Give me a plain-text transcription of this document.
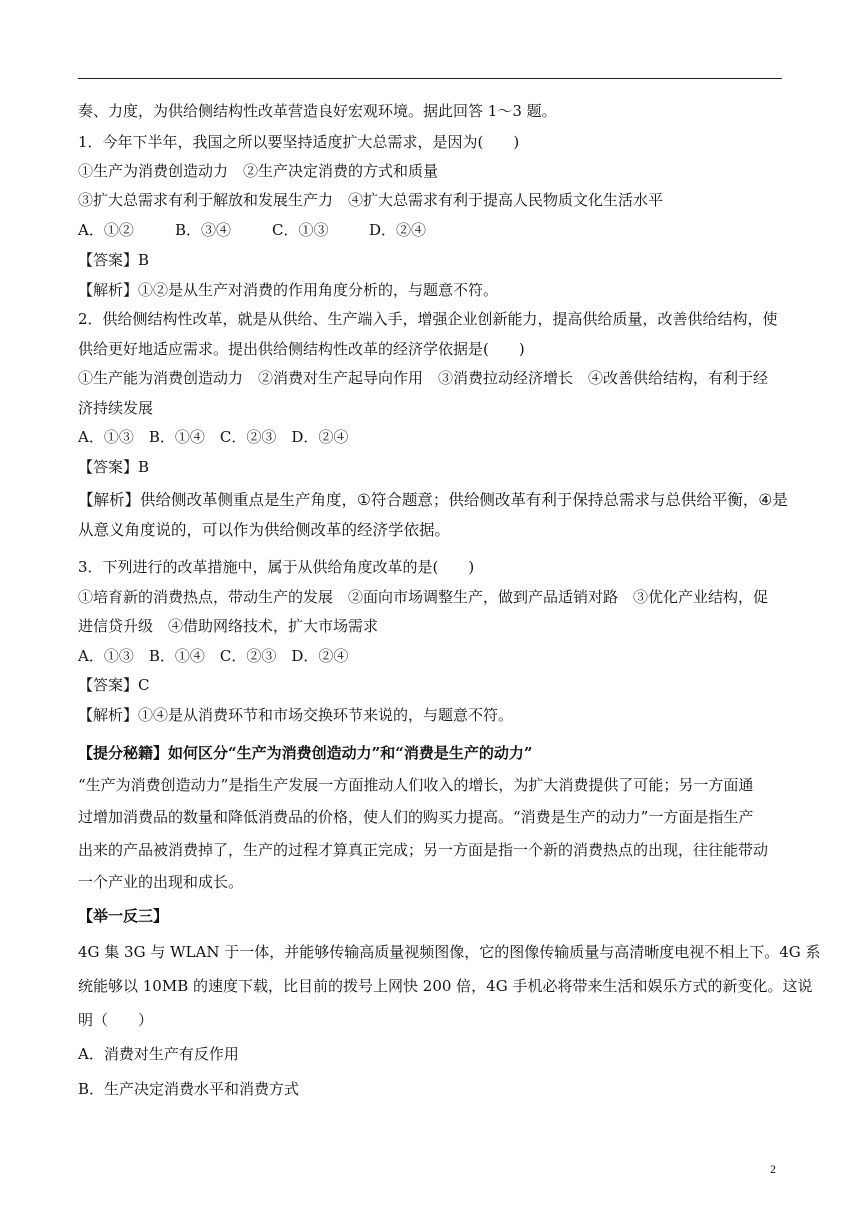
奏、力度，为供给侧结构性改革营造良好宏观环境。据此回答 1～3 题。
1．今年下半年，我国之所以要坚持适度扩大总需求，是因为(　　)
①生产为消费创造动力　②生产决定消费的方式和质量
③扩大总需求有利于解放和发展生产力　④扩大总需求有利于提高人民物质文化生活水平
A．①②	B．③④	C．①③	D．②④
【答案】B
【解析】①②是从生产对消费的作用角度分析的，与题意不符。
2．供给侧结构性改革，就是从供给、生产端入手，增强企业创新能力，提高供给质量，改善供给结构，使
供给更好地适应需求。提出供给侧结构性改革的经济学依据是(　　)
①生产能为消费创造动力　②消费对生产起导向作用　③消费拉动经济增长　④改善供给结构，有利于经
济持续发展
A．①③　B．①④　C．②③　D．②④
【答案】B
【解析】供给侧改革侧重点是生产角度，①符合题意；供给侧改革有利于保持总需求与总供给平衡，④是
从意义角度说的，可以作为供给侧改革的经济学依据。
3．下列进行的改革措施中，属于从供给角度改革的是(　　)
①培育新的消费热点，带动生产的发展　②面向市场调整生产，做到产品适销对路　③优化产业结构，促
进信贷升级　④借助网络技术，扩大市场需求
A．①③　B．①④　C．②③　D．②④
【答案】C
【解析】①④是从消费环节和市场交换环节来说的，与题意不符。
【提分秘籍】如何区分“生产为消费创造动力”和“消费是生产的动力”
“生产为消费创造动力”是指生产发展一方面推动人们收入的增长，为扩大消费提供了可能；另一方面通
过增加消费品的数量和降低消费品的价格，使人们的购买力提高。“消费是生产的动力”一方面是指生产
出来的产品被消费掉了，生产的过程才算真正完成；另一方面是指一个新的消费热点的出现，往往能带动
一个产业的出现和成长。
【举一反三】
4G 集 3G 与 WLAN 于一体，并能够传输高质量视频图像，它的图像传输质量与高清晰度电视不相上下。4G 系
统能够以 10MB 的速度下载，比目前的拨号上网快 200 倍，4G 手机必将带来生活和娱乐方式的新变化。这说
明（　　）
A．消费对生产有反作用
B．生产决定消费水平和消费方式
2
